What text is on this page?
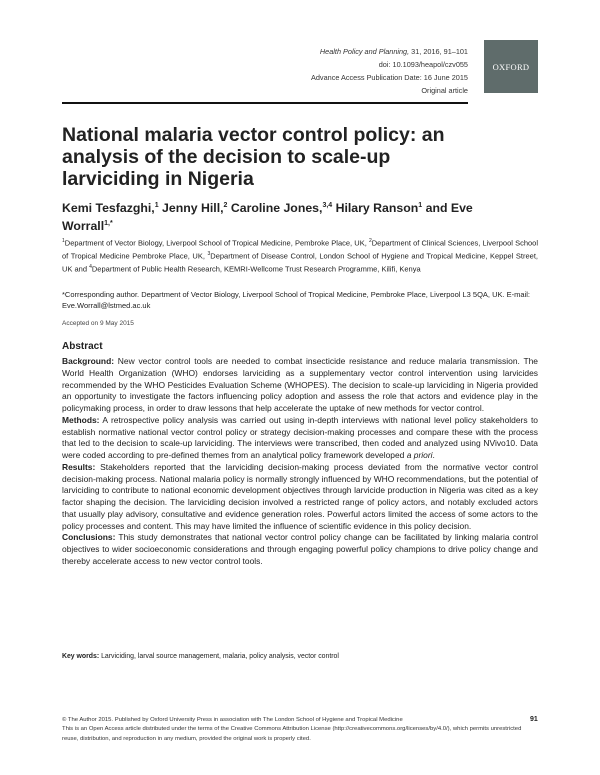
Health Policy and Planning, 31, 2016, 91–101
doi: 10.1093/heapol/czv055
Advance Access Publication Date: 16 June 2015
Original article
OXFORD
National malaria vector control policy: an analysis of the decision to scale-up larviciding in Nigeria
Kemi Tesfazghi,$^1$ Jenny Hill,$^2$ Caroline Jones,$^{3,4}$ Hilary Ranson$^1$ and Eve Worrall$^{1,*}$
$^1$Department of Vector Biology, Liverpool School of Tropical Medicine, Pembroke Place, UK, $^2$Department of Clinical Sciences, Liverpool School of Tropical Medicine Pembroke Place, UK, $^3$Department of Disease Control, London School of Hygiene and Tropical Medicine, Keppel Street, UK and $^4$Department of Public Health Research, KEMRI-Wellcome Trust Research Programme, Kilifi, Kenya
*Corresponding author. Department of Vector Biology, Liverpool School of Tropical Medicine, Pembroke Place, Liverpool L3 5QA, UK. E-mail: Eve.Worrall@lstmed.ac.uk
Accepted on 9 May 2015
Abstract

Background: New vector control tools are needed to combat insecticide resistance and reduce malaria transmission. The World Health Organization (WHO) endorses larviciding as a supplementary vector control intervention using larvicides recommended by the WHO Pesticides Evaluation Scheme (WHOPES). The decision to scale-up larviciding in Nigeria provided an opportunity to investigate the factors influencing policy adoption and assess the role that actors and evidence play in the policymaking process, in order to draw lessons that help accelerate the uptake of new methods for vector control.

Methods: A retrospective policy analysis was carried out using in-depth interviews with national level policy stakeholders to establish normative national vector control policy or strategy decision-making processes and compare these with the process that led to the decision to scale-up larviciding. The interviews were transcribed, then coded and analyzed using NVivo10. Data were coded according to pre-defined themes from an analytical policy framework developed a priori.

Results: Stakeholders reported that the larviciding decision-making process deviated from the normative vector control decision-making process. National malaria policy is normally strongly influenced by WHO recommendations, but the potential of larviciding to contribute to national economic development objectives through larvicide production in Nigeria was cited as a key factor shaping the decision. The larviciding decision involved a restricted range of policy actors, and notably excluded actors that usually play advisory, consultative and evidence generation roles. Powerful actors limited the access of some actors to the policy processes and content. This may have limited the influence of scientific evidence in this policy decision.

Conclusions: This study demonstrates that national vector control policy change can be facilitated by linking malaria control objectives to wider socioeconomic considerations and through engaging powerful policy champions to drive policy change and thereby accelerate access to new vector control tools.

Key words: Larviciding, larval source management, malaria, policy analysis, vector control
© The Author 2015. Published by Oxford University Press in association with The London School of Hygiene and Tropical Medicine
This is an Open Access article distributed under the terms of the Creative Commons Attribution License (http://creativecommons.org/licenses/by/4.0/), which permits unrestricted reuse, distribution, and reproduction in any medium, provided the original work is properly cited.
91
